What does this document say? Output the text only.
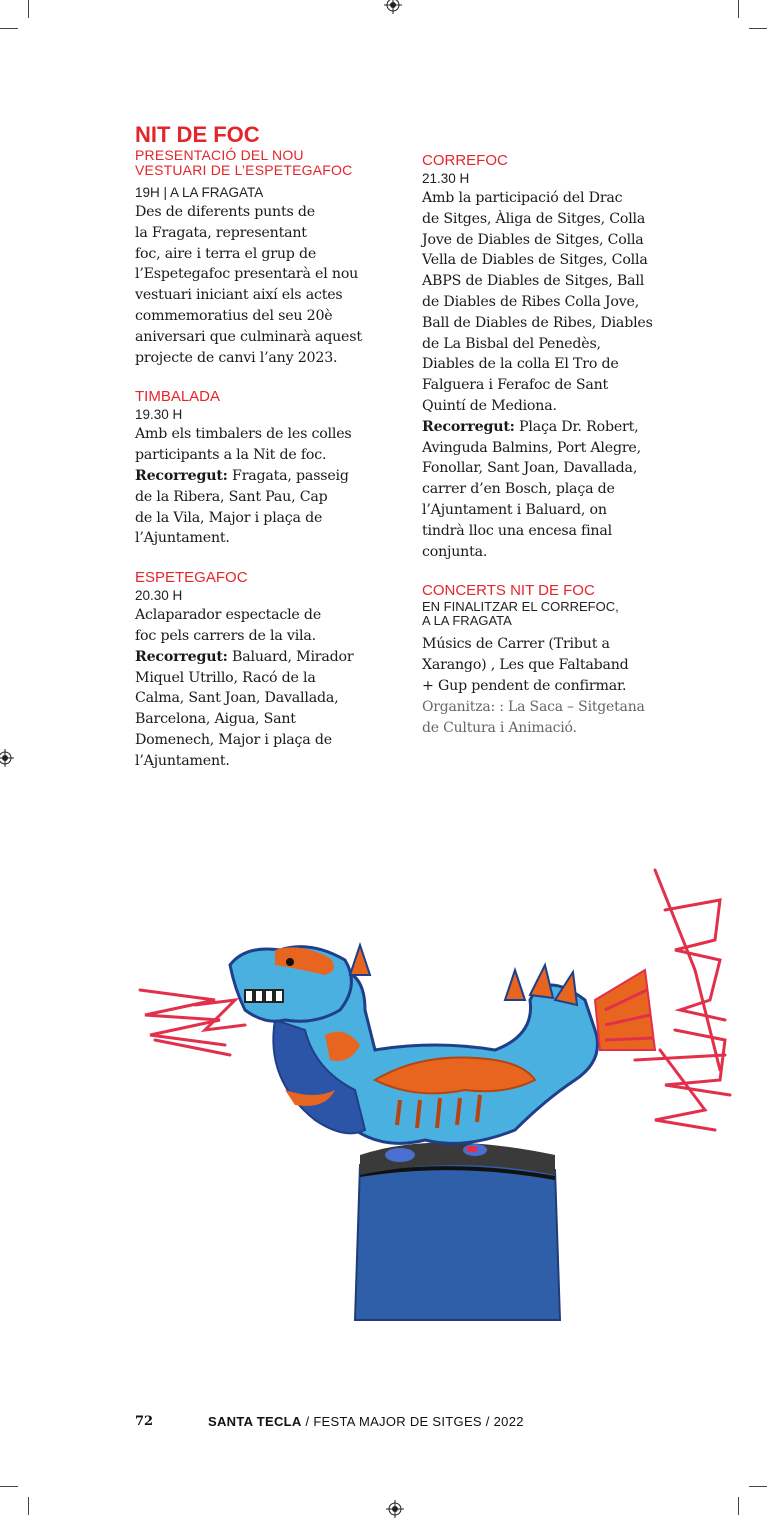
NIT DE FOC

PRESENTACIÓ DEL NOU

VESTUARI DE L’ESPETEGAFOC

19H | A LA FRAGATA

Des de diferents punts de
la Fragata, representant
foc, aire i terra el grup de
l’Espetegafoc presentarà el nou
vestuari iniciant així els actes
commemoratius del seu 20è
aniversari que culminarà aquest
projecte de canvi l’any 2023.

TIMBALADA

19.30 H

Amb els timbalers de les colles
participants a la Nit de foc.

Recorregut: Fragata, passeig
de la Ribera, Sant Pau, Cap
de la Vila, Major i plaça de
l’Ajuntament.

ESPETEGAFOC

20.30 H

Aclaparador espectacle de
foc pels carrers de la vila.

Recorregut: Baluard, Mirador
Miquel Utrillo, Racó de la
Calma, Sant Joan, Davallada,
Barcelona, Aigua, Sant
Domenech, Major i plaça de
l’Ajuntament.

CORREFOC

21.30 H

Amb la participació del Drac
de Sitges, Àliga de Sitges, Colla
Jove de Diables de Sitges, Colla
Vella de Diables de Sitges, Colla
ABPS de Diables de Sitges, Ball
de Diables de Ribes Colla Jove,
Ball de Diables de Ribes, Diables
de La Bisbal del Penedès,
Diables de la colla El Tro de
Falguera i Ferafoc de Sant
Quintí de Mediona.

Recorregut: Plaça Dr. Robert,
Avinguda Balmins, Port Alegre,
Fonollar, Sant Joan, Davallada,
carrer d’en Bosch, plaça de
l’Ajuntament i Baluard, on
tindrà lloc una encesa final
conjunta.

CONCERTS NIT DE FOC

EN FINALITZAR EL CORREFOC,

A LA FRAGATA

Músics de Carrer (Tribut a
Xarango) , Les que Faltaband
+ Gup pendent de confirmar.

Organitza: : La Saca – Sitgetana
de Cultura i Animació.

72	SANTA TECLA / FESTA MAJOR DE SITGES / 2022
